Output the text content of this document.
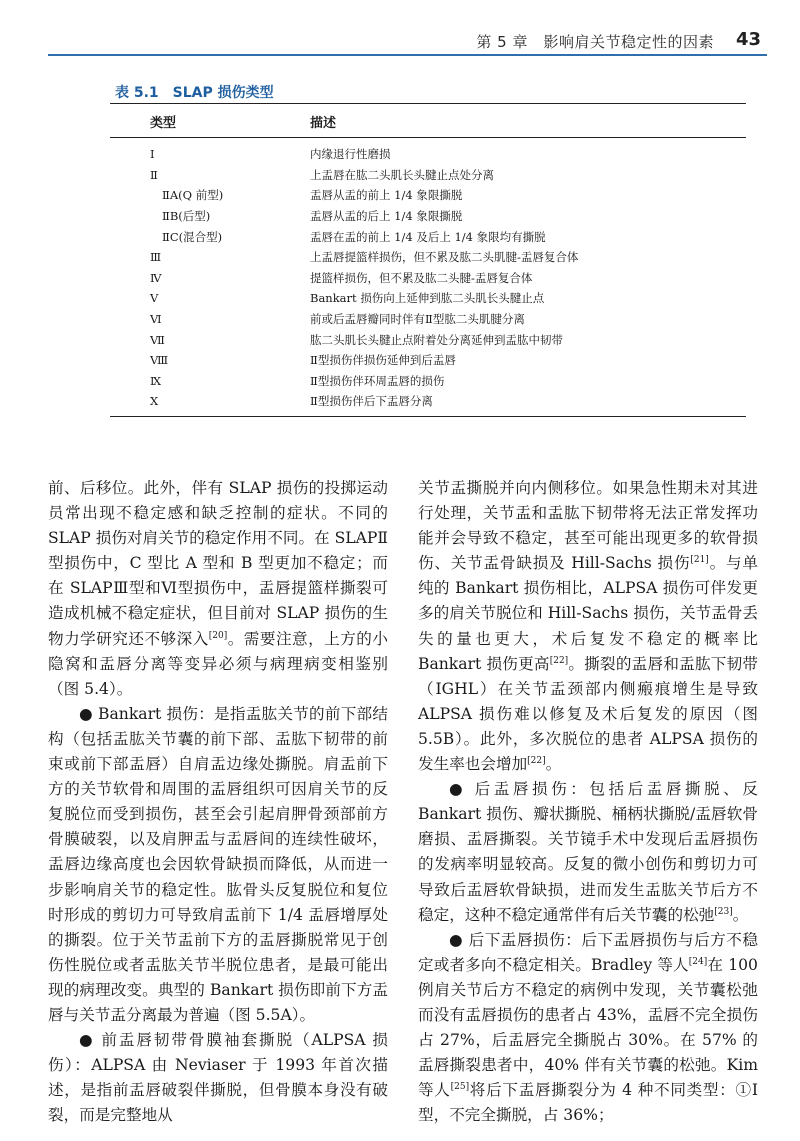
第 5 章　影响肩关节稳定性的因素 43
表 5.1　SLAP 损伤类型
类型	描述
Ⅰ	内缘退行性磨损
Ⅱ	上盂唇在肱二头肌长头腱止点处分离
ⅡA(Q 前型)	盂唇从盂的前上 1/4 象限撕脱
ⅡB(后型)	盂唇从盂的后上 1/4 象限撕脱
ⅡC(混合型)	盂唇在盂的前上 1/4 及后上 1/4 象限均有撕脱
Ⅲ	上盂唇提篮样损伤，但不累及肱二头肌腱-盂唇复合体
Ⅳ	提篮样损伤，但不累及肱二头腱-盂唇复合体
Ⅴ	Bankart 损伤向上延伸到肱二头肌长头腱止点
Ⅵ	前或后盂唇瓣同时伴有Ⅱ型肱二头肌腱分离
Ⅶ	肱二头肌长头腱止点附着处分离延伸到盂肱中韧带
Ⅷ	Ⅱ型损伤伴损伤延伸到后盂唇
Ⅸ	Ⅱ型损伤伴环周盂唇的损伤
Ⅹ	Ⅱ型损伤伴后下盂唇分离

前、后移位。此外，伴有 SLAP 损伤的投掷运动员常出现不稳定感和缺乏控制的症状。不同的 SLAP 损伤对肩关节的稳定作用不同。在 SLAPⅡ型损伤中，C 型比 A 型和 B 型更加不稳定；而在 SLAPⅢ型和Ⅵ型损伤中，盂唇提篮样撕裂可造成机械不稳定症状，但目前对 SLAP 损伤的生物力学研究还不够深入[20]。需要注意，上方的小隐窝和盂唇分离等变异必须与病理病变相鉴别（图 5.4）。

● Bankart 损伤：是指盂肱关节的前下部结构（包括盂肱关节囊的前下部、盂肱下韧带的前束或前下部盂唇）自肩盂边缘处撕脱。肩盂前下方的关节软骨和周围的盂唇组织可因肩关节的反复脱位而受到损伤，甚至会引起肩胛骨颈部前方骨膜破裂，以及肩胛盂与盂唇间的连续性破坏，盂唇边缘高度也会因软骨缺损而降低，从而进一步影响肩关节的稳定性。肱骨头反复脱位和复位时形成的剪切力可导致肩盂前下 1/4 盂唇增厚处的撕裂。位于关节盂前下方的盂唇撕脱常见于创伤性脱位或者盂肱关节半脱位患者，是最可能出现的病理改变。典型的 Bankart 损伤即前下方盂唇与关节盂分离最为普遍（图 5.5A）。

● 前盂唇韧带骨膜袖套撕脱（ALPSA 损伤）：ALPSA 由 Neviaser 于 1993 年首次描述，是指前盂唇破裂伴撕脱，但骨膜本身没有破裂，而是完整地从

关节盂撕脱并向内侧移位。如果急性期未对其进行处理，关节盂和盂肱下韧带将无法正常发挥功能并会导致不稳定，甚至可能出现更多的软骨损伤、关节盂骨缺损及 Hill-Sachs 损伤[21]。与单纯的 Bankart 损伤相比，ALPSA 损伤可伴发更多的肩关节脱位和 Hill-Sachs 损伤，关节盂骨丢失的量也更大，术后复发不稳定的概率比 Bankart 损伤更高[22]。撕裂的盂唇和盂肱下韧带（IGHL）在关节盂颈部内侧瘢痕增生是导致 ALPSA 损伤难以修复及术后复发的原因（图 5.5B）。此外，多次脱位的患者 ALPSA 损伤的发生率也会增加[22]。

● 后盂唇损伤：包括后盂唇撕脱、反 Bankart 损伤、瓣状撕脱、桶柄状撕脱/盂唇软骨磨损、盂唇撕裂。关节镜手术中发现后盂唇损伤的发病率明显较高。反复的微小创伤和剪切力可导致后盂唇软骨缺损，进而发生盂肱关节后方不稳定，这种不稳定通常伴有后关节囊的松弛[23]。

● 后下盂唇损伤：后下盂唇损伤与后方不稳定或者多向不稳定相关。Bradley 等人[24]在 100 例肩关节后方不稳定的病例中发现，关节囊松弛而没有盂唇损伤的患者占 43%，盂唇不完全损伤占 27%，后盂唇完全撕脱占 30%。在 57% 的盂唇撕裂患者中，40% 伴有关节囊的松弛。Kim 等人[25]将后下盂唇撕裂分为 4 种不同类型：①Ⅰ型，不完全撕脱，占 36%；
